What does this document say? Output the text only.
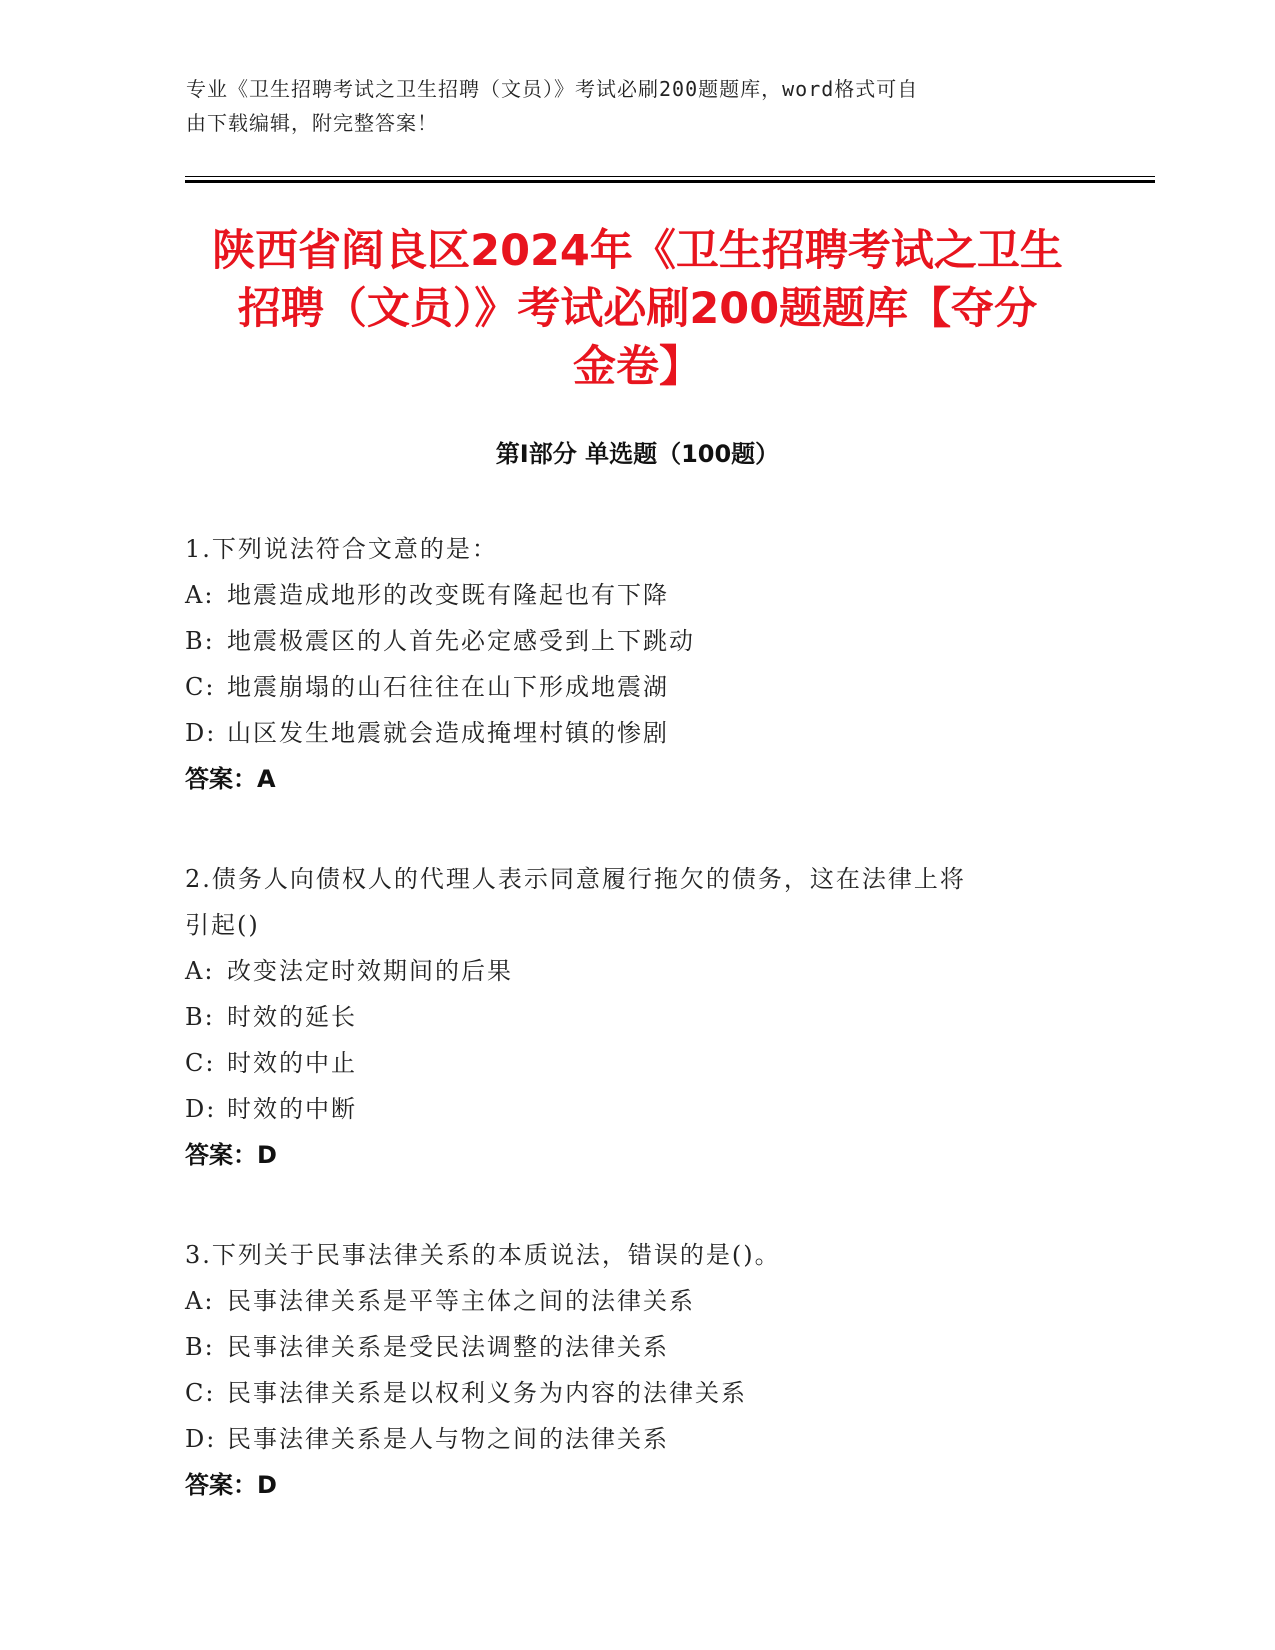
专业《卫生招聘考试之卫生招聘（文员）》考试必刷200题题库，word格式可自
由下载编辑，附完整答案！
陕西省阎良区2024年《卫生招聘考试之卫生
招聘（文员）》考试必刷200题题库【夺分
金卷】
第Ⅰ部分 单选题（100题）
1.下列说法符合文意的是：
A: 地震造成地形的改变既有隆起也有下降
B: 地震极震区的人首先必定感受到上下跳动
C: 地震崩塌的山石往往在山下形成地震湖
D: 山区发生地震就会造成掩埋村镇的惨剧
答案：A
2.债务人向债权人的代理人表示同意履行拖欠的债务，这在法律上将
引起()
A: 改变法定时效期间的后果
B: 时效的延长
C: 时效的中止
D: 时效的中断
答案：D
3.下列关于民事法律关系的本质说法，错误的是()。
A: 民事法律关系是平等主体之间的法律关系
B: 民事法律关系是受民法调整的法律关系
C: 民事法律关系是以权利义务为内容的法律关系
D: 民事法律关系是人与物之间的法律关系
答案：D
